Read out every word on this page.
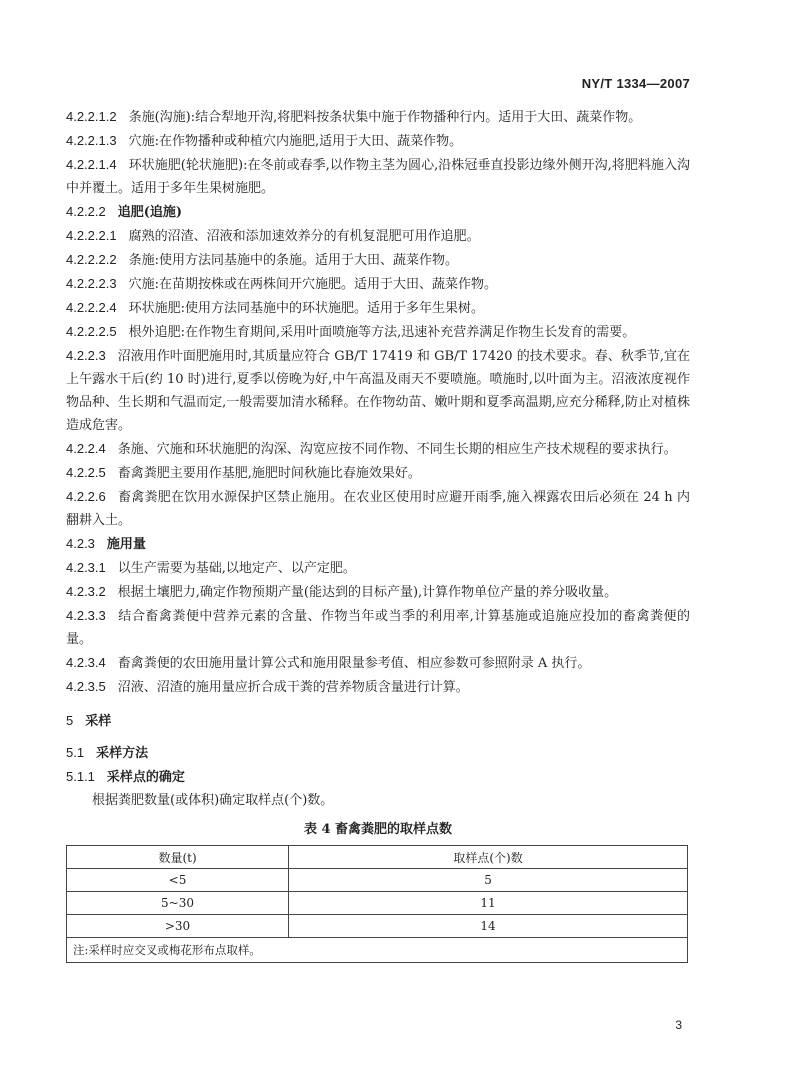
NY/T 1334—2007

4.2.2.1.2 条施(沟施):结合犁地开沟,将肥料按条状集中施于作物播种行内。适用于大田、蔬菜作物。

4.2.2.1.3 穴施:在作物播种或种植穴内施肥,适用于大田、蔬菜作物。

4.2.2.1.4 环状施肥(轮状施肥):在冬前或春季,以作物主茎为圆心,沿株冠垂直投影边缘外侧开沟,将肥料施入沟中并覆土。适用于多年生果树施肥。

4.2.2.2 追肥(追施)

4.2.2.2.1 腐熟的沼渣、沼液和添加速效养分的有机复混肥可用作追肥。

4.2.2.2.2 条施:使用方法同基施中的条施。适用于大田、蔬菜作物。

4.2.2.2.3 穴施:在苗期按株或在两株间开穴施肥。适用于大田、蔬菜作物。

4.2.2.2.4 环状施肥:使用方法同基施中的环状施肥。适用于多年生果树。

4.2.2.2.5 根外追肥:在作物生育期间,采用叶面喷施等方法,迅速补充营养满足作物生长发育的需要。

4.2.2.3 沼液用作叶面肥施用时,其质量应符合 GB/T 17419 和 GB/T 17420 的技术要求。春、秋季节,宜在上午露水干后(约 10 时)进行,夏季以傍晚为好,中午高温及雨天不要喷施。喷施时,以叶面为主。沼液浓度视作物品种、生长期和气温而定,一般需要加清水稀释。在作物幼苗、嫩叶期和夏季高温期,应充分稀释,防止对植株造成危害。

4.2.2.4 条施、穴施和环状施肥的沟深、沟宽应按不同作物、不同生长期的相应生产技术规程的要求执行。

4.2.2.5 畜禽粪肥主要用作基肥,施肥时间秋施比春施效果好。

4.2.2.6 畜禽粪肥在饮用水源保护区禁止施用。在农业区使用时应避开雨季,施入裸露农田后必须在 24 h 内翻耕入土。

4.2.3 施用量

4.2.3.1 以生产需要为基础,以地定产、以产定肥。

4.2.3.2 根据土壤肥力,确定作物预期产量(能达到的目标产量),计算作物单位产量的养分吸收量。

4.2.3.3 结合畜禽粪便中营养元素的含量、作物当年或当季的利用率,计算基施或追施应投加的畜禽粪便的量。

4.2.3.4 畜禽粪便的农田施用量计算公式和施用限量参考值、相应参数可参照附录 A 执行。

4.2.3.5 沼液、沼渣的施用量应折合成干粪的营养物质含量进行计算。

5 采样

5.1 采样方法

5.1.1 采样点的确定

根据粪肥数量(或体积)确定取样点(个)数。

表 4 畜禽粪肥的取样点数
数量(t)	取样点(个)数
<5	5
5~30	11
>30	14
注:采样时应交叉或梅花形布点取样。	
3
